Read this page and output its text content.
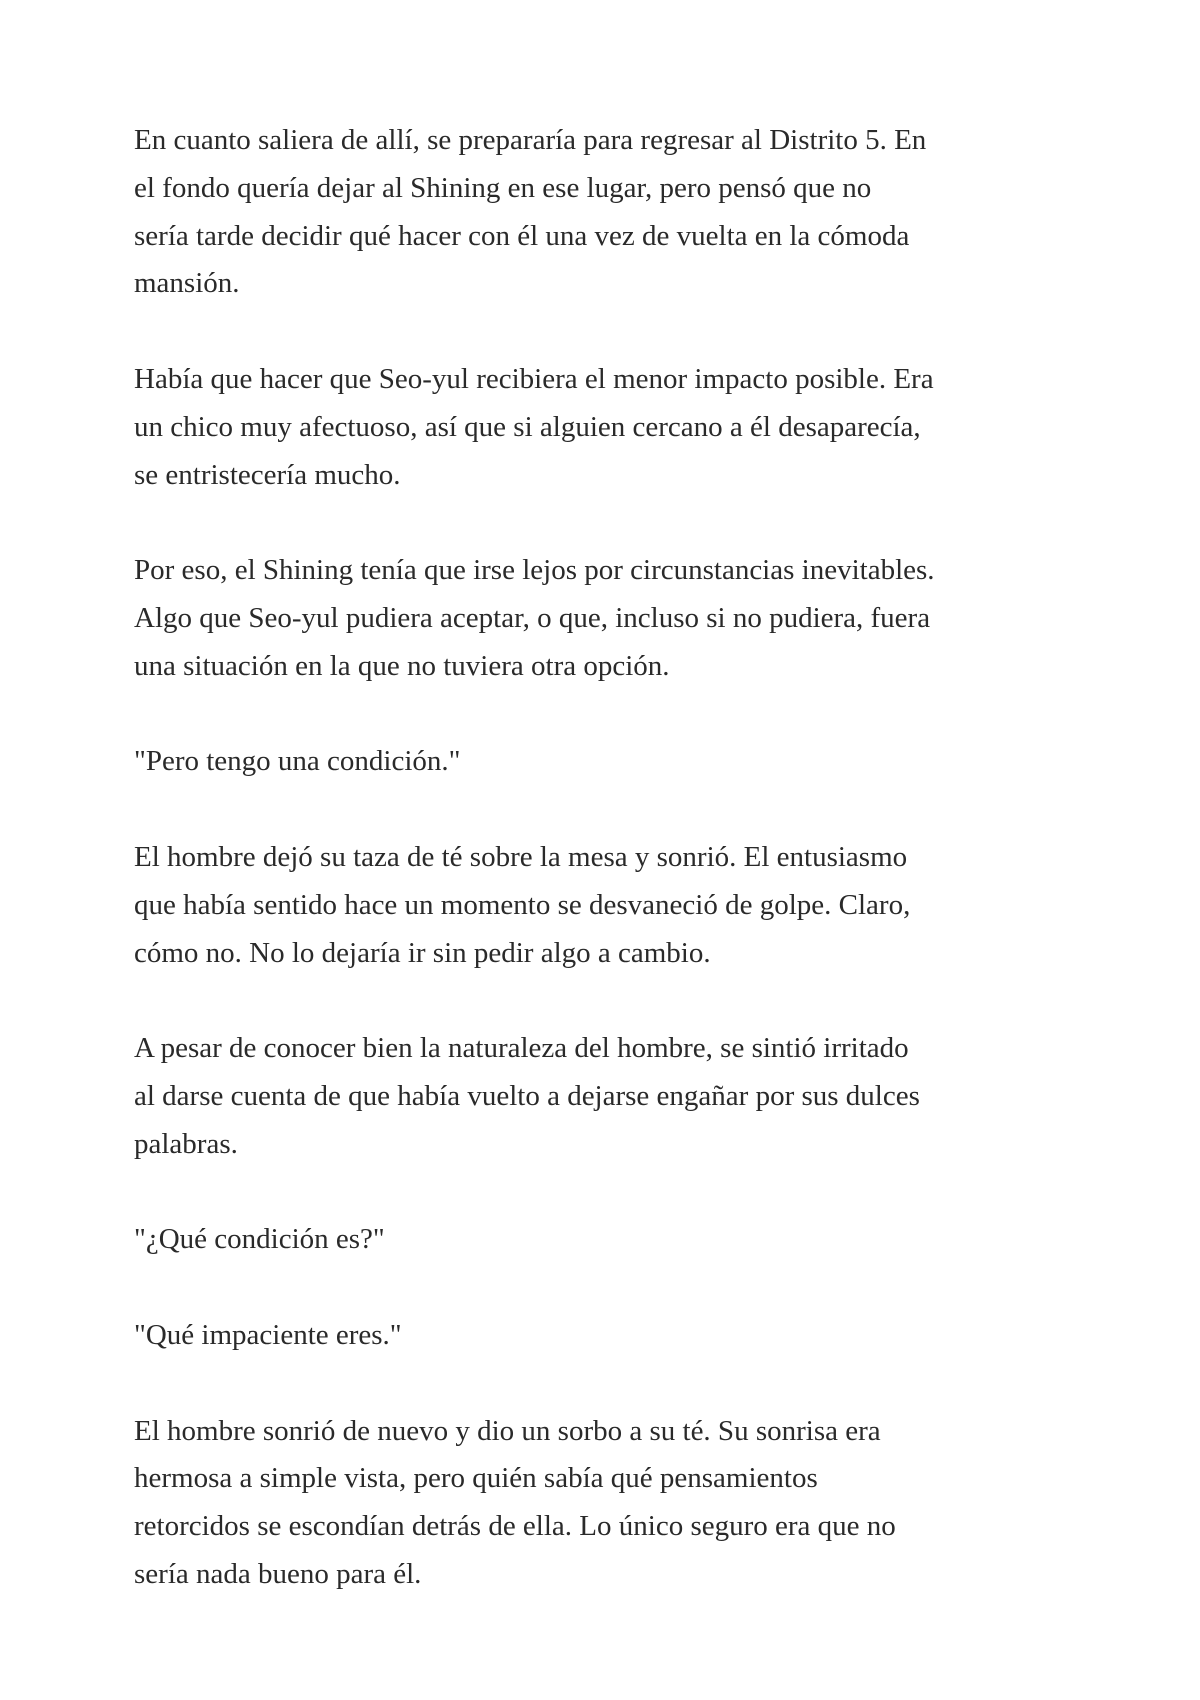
En cuanto saliera de allí, se prepararía para regresar al Distrito 5. En
el fondo quería dejar al Shining en ese lugar, pero pensó que no
sería tarde decidir qué hacer con él una vez de vuelta en la cómoda
mansión.

Había que hacer que Seo-yul recibiera el menor impacto posible. Era
un chico muy afectuoso, así que si alguien cercano a él desaparecía,
se entristecería mucho.

Por eso, el Shining tenía que irse lejos por circunstancias inevitables.
Algo que Seo-yul pudiera aceptar, o que, incluso si no pudiera, fuera
una situación en la que no tuviera otra opción.

"Pero tengo una condición."

El hombre dejó su taza de té sobre la mesa y sonrió. El entusiasmo
que había sentido hace un momento se desvaneció de golpe. Claro,
cómo no. No lo dejaría ir sin pedir algo a cambio.

A pesar de conocer bien la naturaleza del hombre, se sintió irritado
al darse cuenta de que había vuelto a dejarse engañar por sus dulces
palabras.

"¿Qué condición es?"

"Qué impaciente eres."

El hombre sonrió de nuevo y dio un sorbo a su té. Su sonrisa era
hermosa a simple vista, pero quién sabía qué pensamientos
retorcidos se escondían detrás de ella. Lo único seguro era que no
sería nada bueno para él.
